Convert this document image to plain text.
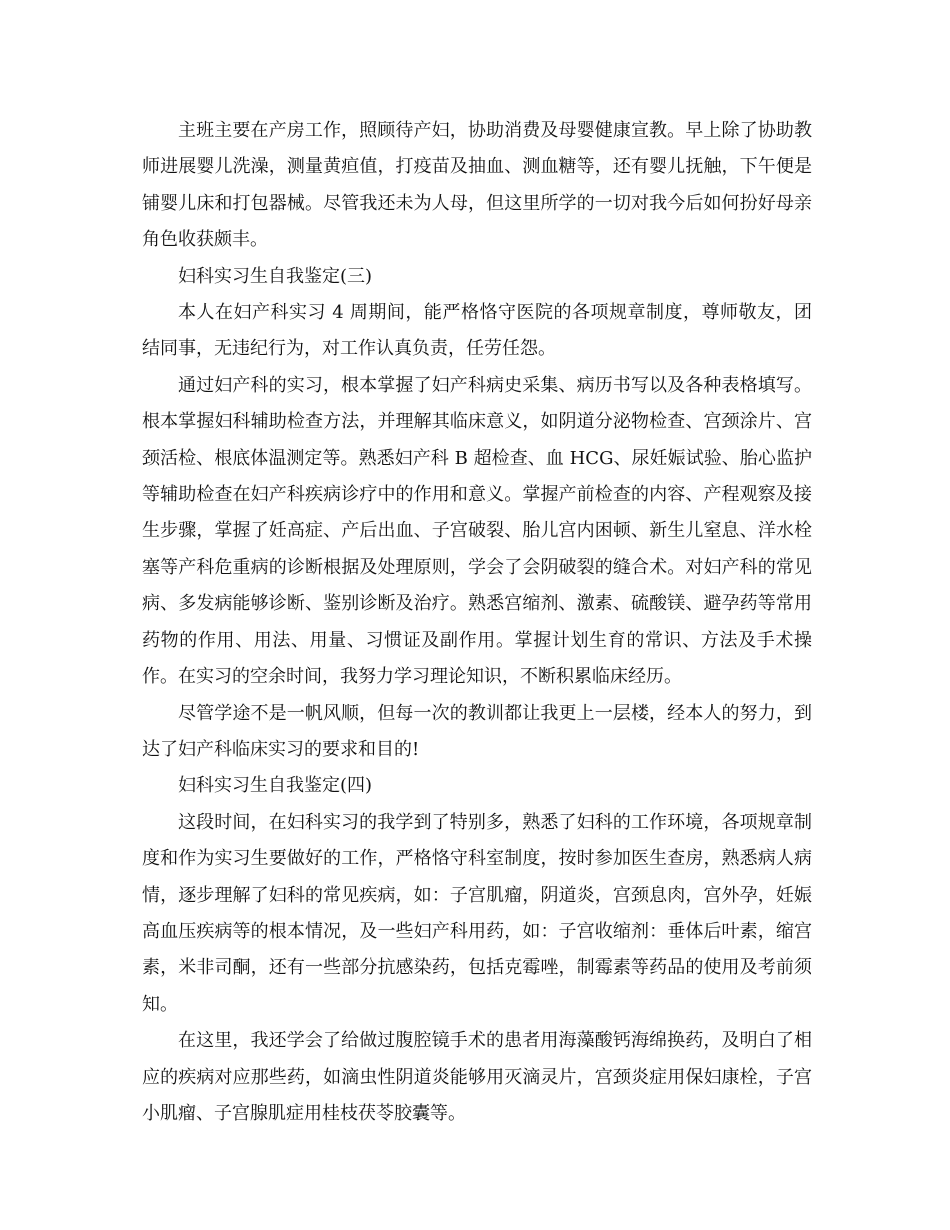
主班主要在产房工作，照顾待产妇，协助消费及母婴健康宣教。早上除了协助教师进展婴儿洗澡，测量黄疸值，打疫苗及抽血、测血糖等，还有婴儿抚触，下午便是铺婴儿床和打包器械。尽管我还未为人母，但这里所学的一切对我今后如何扮好母亲角色收获颇丰。

妇科实习生自我鉴定(三)

本人在妇产科实习 4 周期间，能严格恪守医院的各项规章制度，尊师敬友，团结同事，无违纪行为，对工作认真负责，任劳任怨。

通过妇产科的实习，根本掌握了妇产科病史采集、病历书写以及各种表格填写。根本掌握妇科辅助检查方法，并理解其临床意义，如阴道分泌物检查、宫颈涂片、宫颈活检、根底体温测定等。熟悉妇产科 B 超检查、血 HCG、尿妊娠试验、胎心监护等辅助检查在妇产科疾病诊疗中的作用和意义。掌握产前检查的内容、产程观察及接生步骤，掌握了妊高症、产后出血、子宫破裂、胎儿宫内困顿、新生儿窒息、洋水栓塞等产科危重病的诊断根据及处理原则，学会了会阴破裂的缝合术。对妇产科的常见病、多发病能够诊断、鉴别诊断及治疗。熟悉宫缩剂、激素、硫酸镁、避孕药等常用药物的作用、用法、用量、习惯证及副作用。掌握计划生育的常识、方法及手术操作。在实习的空余时间，我努力学习理论知识，不断积累临床经历。

尽管学途不是一帆风顺，但每一次的教训都让我更上一层楼，经本人的努力，到达了妇产科临床实习的要求和目的!

妇科实习生自我鉴定(四)

这段时间，在妇科实习的我学到了特别多，熟悉了妇科的工作环境，各项规章制度和作为实习生要做好的工作，严格恪守科室制度，按时参加医生查房，熟悉病人病情，逐步理解了妇科的常见疾病，如：子宫肌瘤，阴道炎，宫颈息肉，宫外孕，妊娠高血压疾病等的根本情况，及一些妇产科用药，如：子宫收缩剂：垂体后叶素，缩宫素，米非司酮，还有一些部分抗感染药，包括克霉唑，制霉素等药品的使用及考前须知。

在这里，我还学会了给做过腹腔镜手术的患者用海藻酸钙海绵换药，及明白了相应的疾病对应那些药，如滴虫性阴道炎能够用灭滴灵片，宫颈炎症用保妇康栓，子宫小肌瘤、子宫腺肌症用桂枝茯苓胶囊等。
